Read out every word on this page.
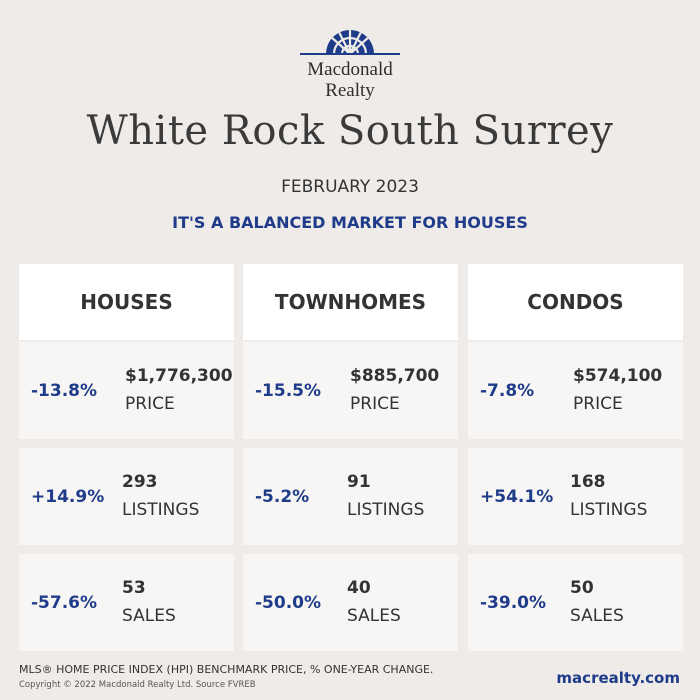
Macdonald
Realty
White Rock South Surrey
FEBRUARY 2023
IT'S A BALANCED MARKET FOR HOUSES
HOUSES
-13.8%
$1,776,300
PRICE
+14.9%
293
LISTINGS
-57.6%
53
SALES
TOWNHOMES
-15.5%
$885,700
PRICE
-5.2%
91
LISTINGS
-50.0%
40
SALES
CONDOS
-7.8%
$574,100
PRICE
+54.1%
168
LISTINGS
-39.0%
50
SALES
MLS® HOME PRICE INDEX (HPI) BENCHMARK PRICE, % ONE-YEAR CHANGE.
Copyright © 2022 Macdonald Realty Ltd. Source FVREB	macrealty.com
